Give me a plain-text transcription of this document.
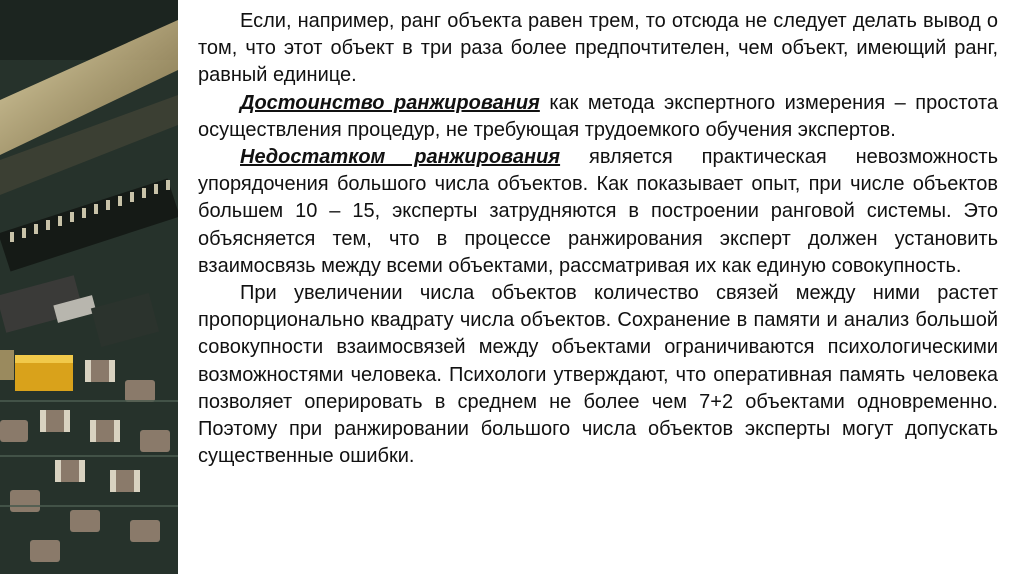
Если, например, ранг объекта равен трем, то отсюда не следует делать вывод о том, что этот объект в три раза более предпочтителен, чем объект, имеющий ранг, равный единице.

Достоинство ранжирования как метода экспертного измерения – простота осуществления процедур, не требующая трудоемкого обучения экспертов.

Недостатком ранжирования является практическая невозможность упорядочения большого числа объектов. Как показывает опыт, при числе объектов большем 10 – 15, эксперты затрудняются в построении ранговой системы. Это объясняется тем, что в процессе ранжирования эксперт должен установить взаимосвязь между всеми объектами, рассматривая их как единую совокупность.

При увеличении числа объектов количество связей между ними растет пропорционально квадрату числа объектов. Сохранение в памяти и анализ большой совокупности взаимосвязей между объектами ограничиваются психологическими возможностями человека. Психологи утверждают, что оперативная память человека позволяет оперировать в среднем не более чем 7+2 объектами одновременно. Поэтому при ранжировании большого числа объектов эксперты могут допускать существенные ошибки.
